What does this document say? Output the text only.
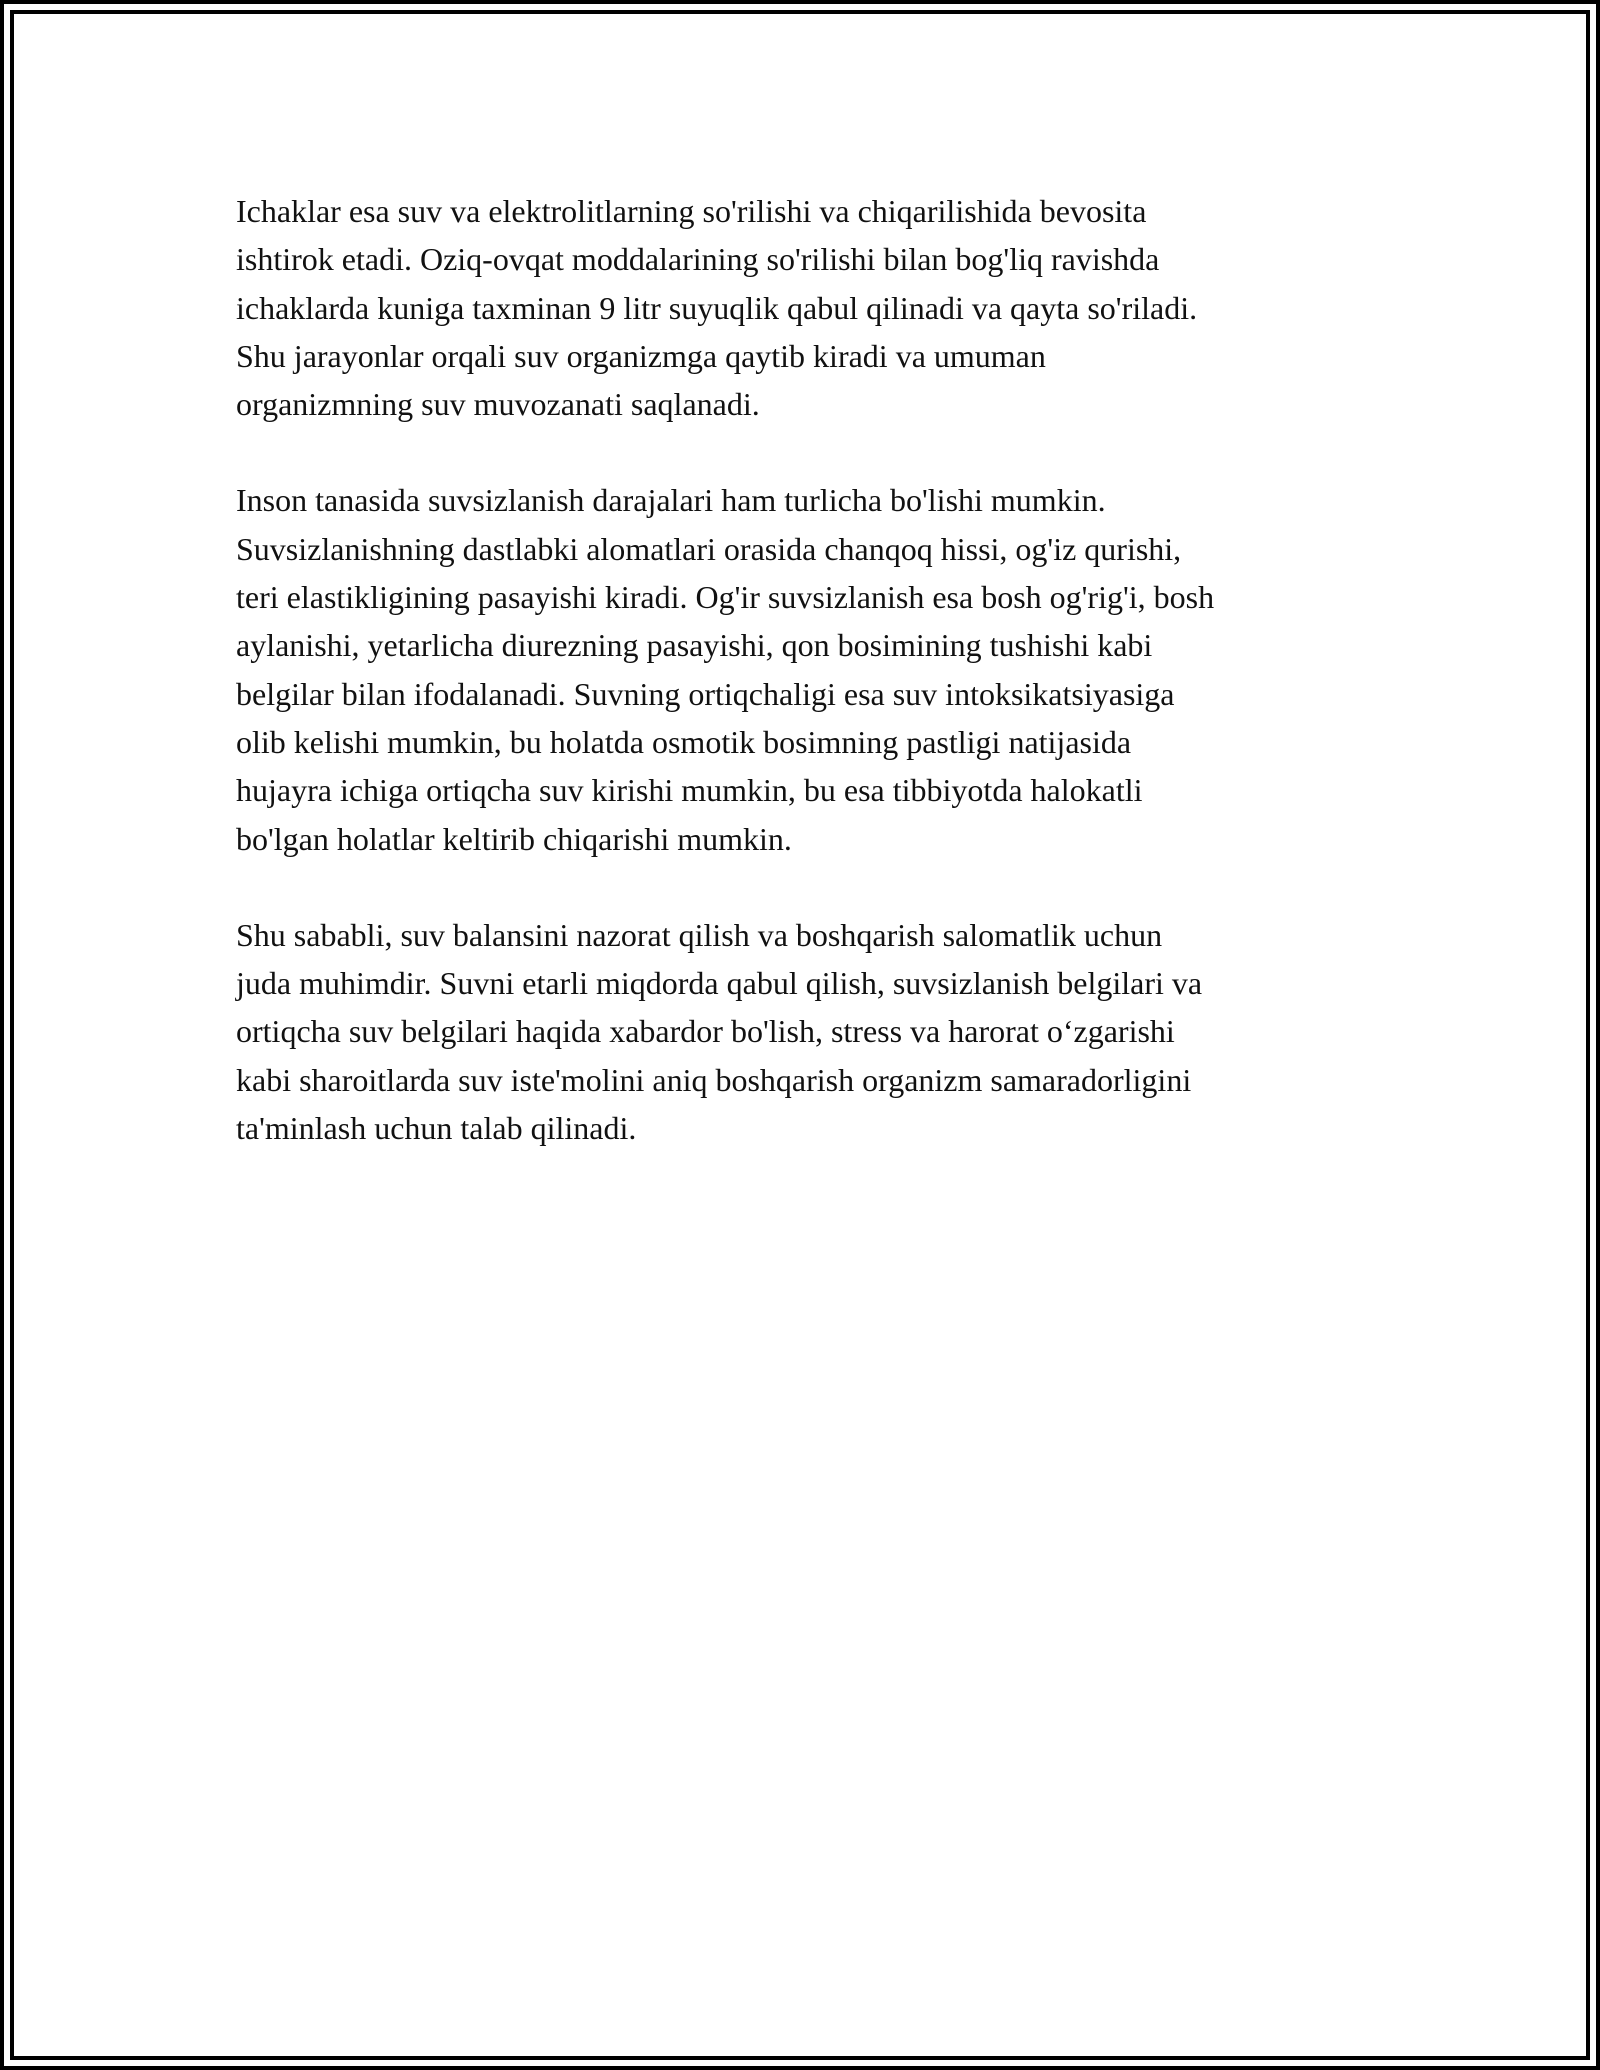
Ichaklar esa suv va elektrolitlarning so'rilishi va chiqarilishida bevosita
ishtirok etadi. Oziq-ovqat moddalarining so'rilishi bilan bog'liq ravishda
ichaklarda kuniga taxminan 9 litr suyuqlik qabul qilinadi va qayta so'riladi.
Shu jarayonlar orqali suv organizmga qaytib kiradi va umuman
organizmning suv muvozanati saqlanadi.

Inson tanasida suvsizlanish darajalari ham turlicha bo'lishi mumkin.
Suvsizlanishning dastlabki alomatlari orasida chanqoq hissi, og'iz qurishi,
teri elastikligining pasayishi kiradi. Og'ir suvsizlanish esa bosh og'rig'i, bosh
aylanishi, yetarlicha diurezning pasayishi, qon bosimining tushishi kabi
belgilar bilan ifodalanadi. Suvning ortiqchaligi esa suv intoksikatsiyasiga
olib kelishi mumkin, bu holatda osmotik bosimning pastligi natijasida
hujayra ichiga ortiqcha suv kirishi mumkin, bu esa tibbiyotda halokatli
bo'lgan holatlar keltirib chiqarishi mumkin.

Shu sababli, suv balansini nazorat qilish va boshqarish salomatlik uchun
juda muhimdir. Suvni etarli miqdorda qabul qilish, suvsizlanish belgilari va
ortiqcha suv belgilari haqida xabardor bo'lish, stress va harorat oʻzgarishi
kabi sharoitlarda suv iste'molini aniq boshqarish organizm samaradorligini
ta'minlash uchun talab qilinadi.
